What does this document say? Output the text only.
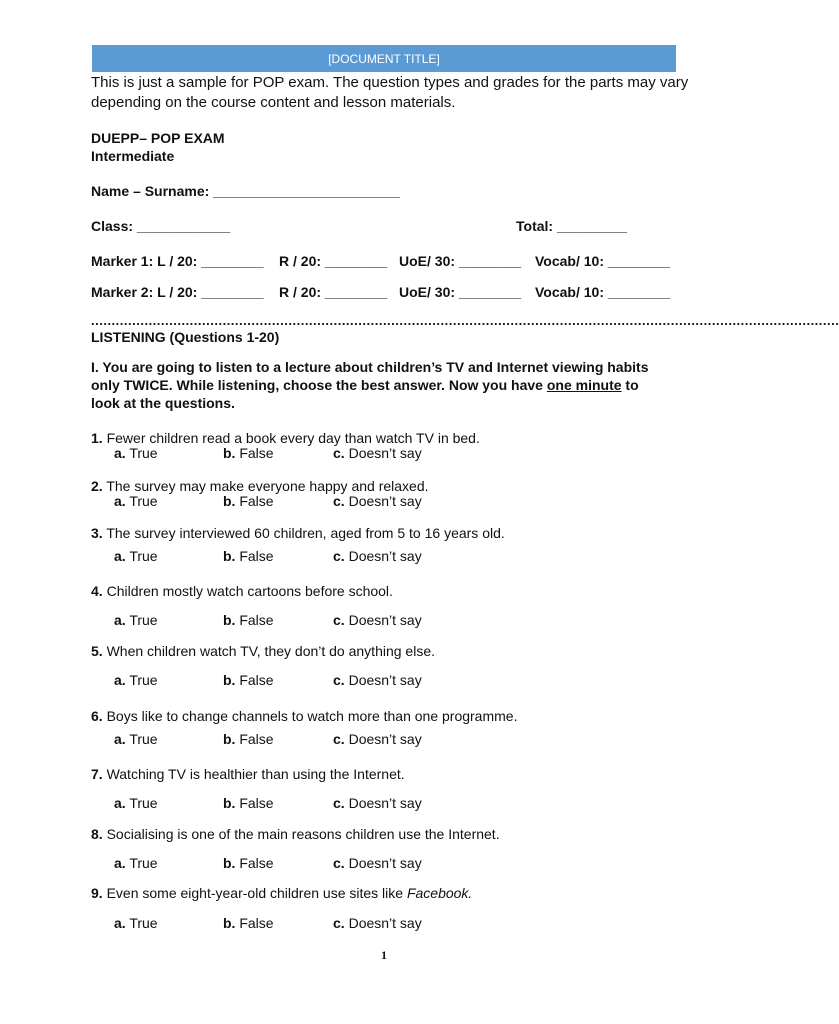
[DOCUMENT TITLE]
This is just a sample for POP exam. The question types and grades for the parts may vary depending on the course content and lesson materials.
DUEPP– POP EXAM
Intermediate
Name – Surname: ________________________
Class: ____________	Total: _________
Marker 1: L / 20: ________ R / 20: ________ UoE/ 30: ________ Vocab/ 10: ________
Marker 2: L / 20: ________ R / 20: ________ UoE/ 30: ________ Vocab/ 10: ________
......................................................................................................................................................................................
LISTENING (Questions 1-20)
I. You are going to listen to a lecture about children’s TV and Internet viewing habits
only TWICE. While listening, choose the best answer. Now you have one minute to
look at the questions.
1. Fewer children read a book every day than watch TV in bed.
a. True	b. False	c. Doesn’t say
2. The survey may make everyone happy and relaxed.
a. True	b. False	c. Doesn’t say
3. The survey interviewed 60 children, aged from 5 to 16 years old.
a. True	b. False	c. Doesn’t say
4. Children mostly watch cartoons before school.
a. True	b. False	c. Doesn’t say
5. When children watch TV, they don’t do anything else.
a. True	b. False	c. Doesn’t say
6. Boys like to change channels to watch more than one programme.
a. True	b. False	c. Doesn’t say
7. Watching TV is healthier than using the Internet.
a. True	b. False	c. Doesn’t say
8. Socialising is one of the main reasons children use the Internet.
a. True	b. False	c. Doesn’t say
9. Even some eight-year-old children use sites like Facebook.
a. True	b. False	c. Doesn’t say
1
